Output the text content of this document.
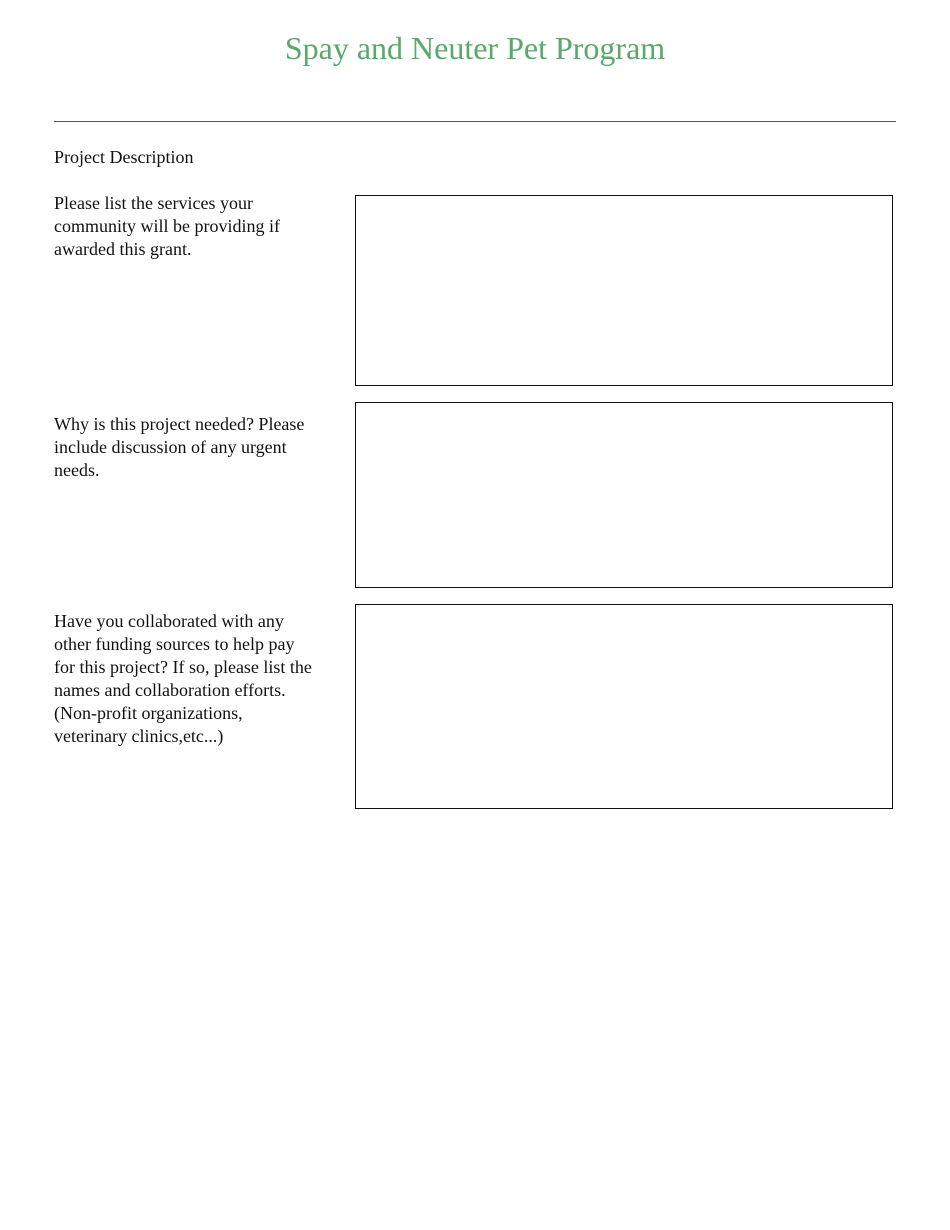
Spay and Neuter Pet Program
Project Description

Please list the services your community will be providing if awarded this grant.

Why is this project needed? Please include discussion of any urgent needs.

Have you collaborated with any other funding sources to help pay for this project? If so, please list the names and collaboration efforts. (Non-profit organizations, veterinary clinics,etc...)
